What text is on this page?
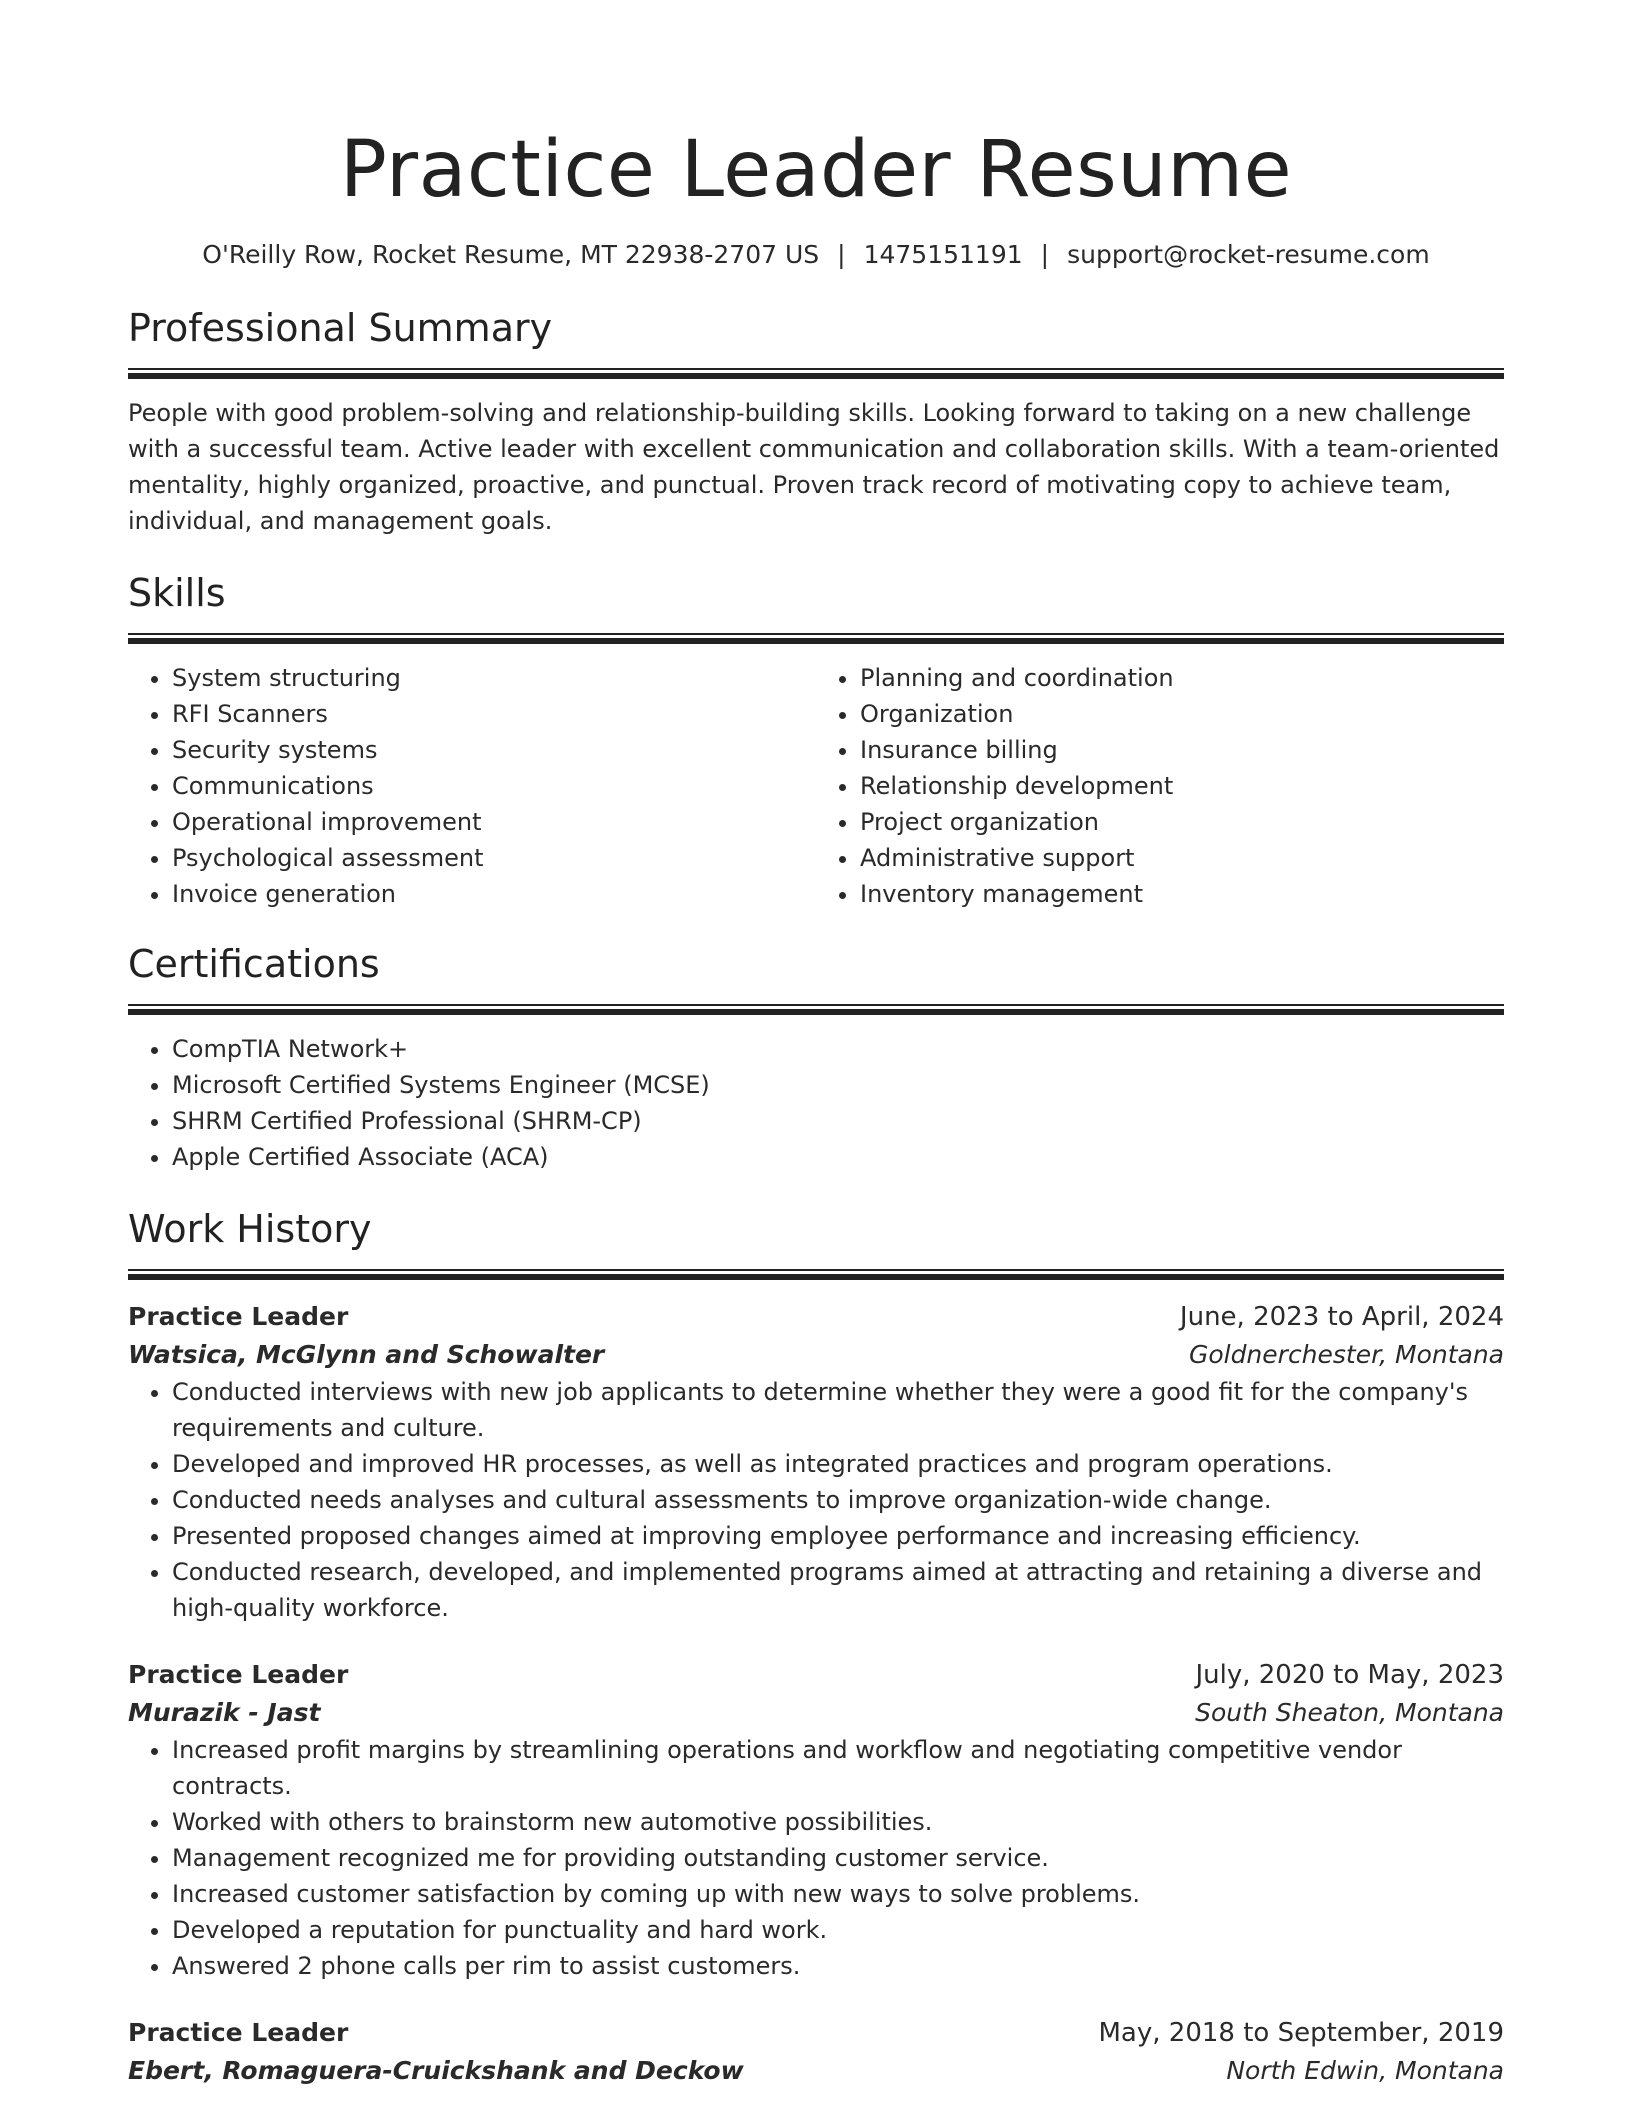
Practice Leader Resume
O'Reilly Row, Rocket Resume, MT 22938-2707 US | 1475151191 | support@rocket-resume.com
Professional Summary

People with good problem-solving and relationship-building skills. Looking forward to taking on a new challenge with a successful team. Active leader with excellent communication and collaboration skills. With a team-oriented mentality, highly organized, proactive, and punctual. Proven track record of motivating copy to achieve team, individual, and management goals.

Skills
• System structuring
• RFI Scanners
• Security systems
• Communications
• Operational improvement
• Psychological assessment
• Invoice generation
• Planning and coordination
• Organization
• Insurance billing
• Relationship development
• Project organization
• Administrative support
• Inventory management
Certifications
• CompTIA Network+
• Microsoft Certified Systems Engineer (MCSE)
• SHRM Certified Professional (SHRM-CP)
• Apple Certified Associate (ACA)
Work History
Practice Leader	June, 2023 to April, 2024
Watsica, McGlynn and Schowalter	Goldnerchester, Montana
• Conducted interviews with new job applicants to determine whether they were a good fit for the company's requirements and culture.
• Developed and improved HR processes, as well as integrated practices and program operations.
• Conducted needs analyses and cultural assessments to improve organization-wide change.
• Presented proposed changes aimed at improving employee performance and increasing efficiency.
• Conducted research, developed, and implemented programs aimed at attracting and retaining a diverse and high-quality workforce.
Practice Leader	July, 2020 to May, 2023
Murazik - Jast	South Sheaton, Montana
• Increased profit margins by streamlining operations and workflow and negotiating competitive vendor contracts.
• Worked with others to brainstorm new automotive possibilities.
• Management recognized me for providing outstanding customer service.
• Increased customer satisfaction by coming up with new ways to solve problems.
• Developed a reputation for punctuality and hard work.
• Answered 2 phone calls per rim to assist customers.
Practice Leader	May, 2018 to September, 2019
Ebert, Romaguera-Cruickshank and Deckow	North Edwin, Montana
